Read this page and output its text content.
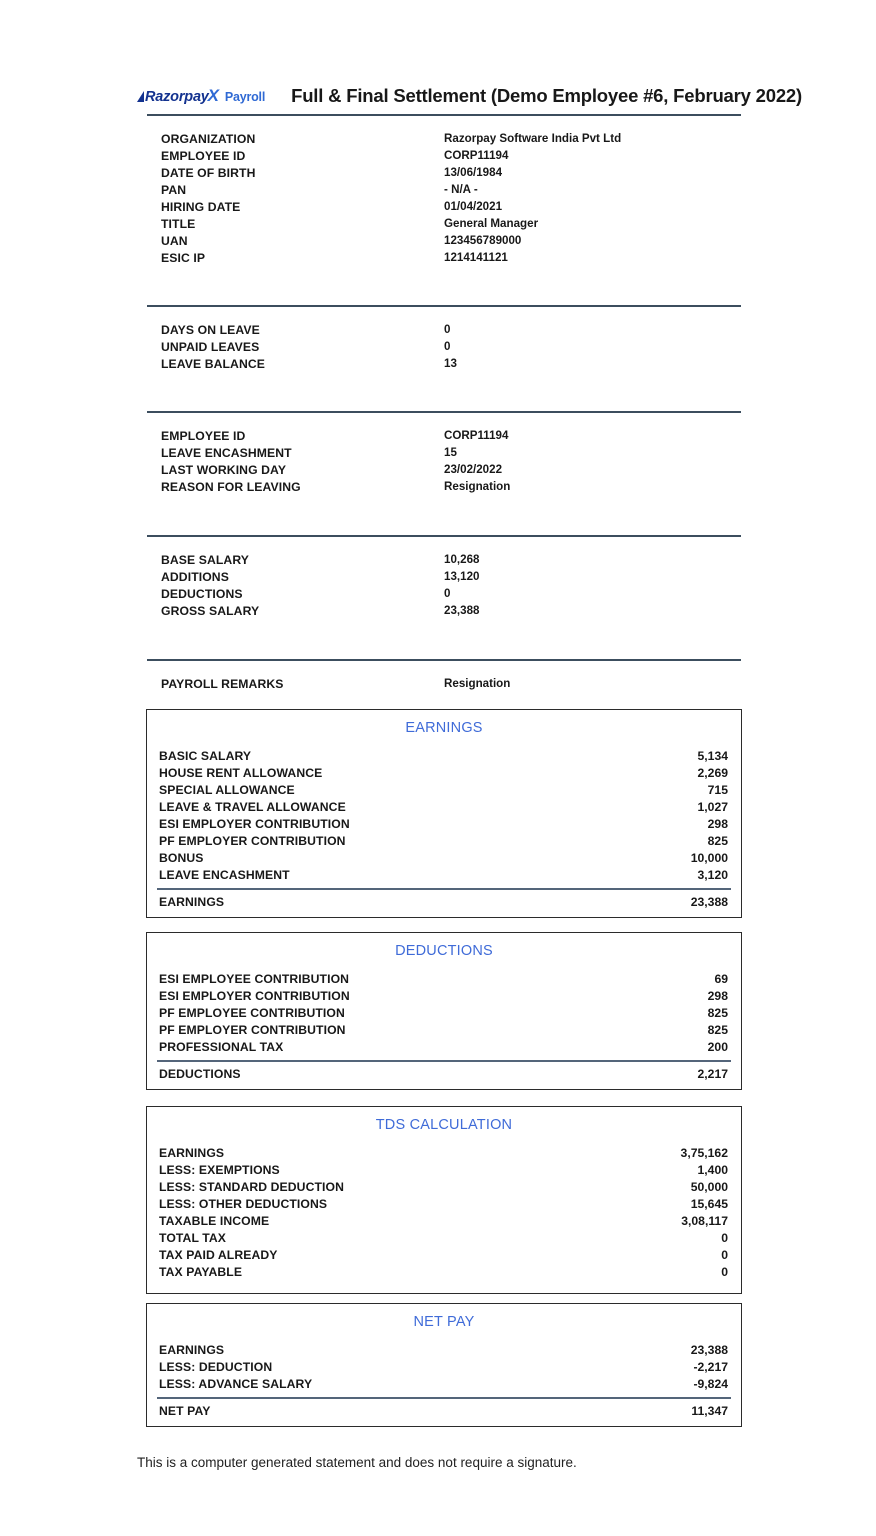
Razorpay X Payroll Full & Final Settlement (Demo Employee #6, February 2022)
ORGANIZATION	Razorpay Software India Pvt Ltd
EMPLOYEE ID	CORP11194
DATE OF BIRTH	13/06/1984
PAN	- N/A -
HIRING DATE	01/04/2021
TITLE	General Manager
UAN	123456789000
ESIC IP	1214141121
DAYS ON LEAVE	0
UNPAID LEAVES	0
LEAVE BALANCE	13
EMPLOYEE ID	CORP11194
LEAVE ENCASHMENT	15
LAST WORKING DAY	23/02/2022
REASON FOR LEAVING	Resignation
BASE SALARY	10,268
ADDITIONS	13,120
DEDUCTIONS	0
GROSS SALARY	23,388
PAYROLL REMARKS	Resignation
EARNINGS
BASIC SALARY	5,134
HOUSE RENT ALLOWANCE	2,269
SPECIAL ALLOWANCE	715
LEAVE & TRAVEL ALLOWANCE	1,027
ESI EMPLOYER CONTRIBUTION	298
PF EMPLOYER CONTRIBUTION	825
BONUS	10,000
LEAVE ENCASHMENT	3,120
EARNINGS	23,388
DEDUCTIONS
ESI EMPLOYEE CONTRIBUTION	69
ESI EMPLOYER CONTRIBUTION	298
PF EMPLOYEE CONTRIBUTION	825
PF EMPLOYER CONTRIBUTION	825
PROFESSIONAL TAX	200
DEDUCTIONS	2,217
TDS CALCULATION
EARNINGS	3,75,162
LESS: EXEMPTIONS	1,400
LESS: STANDARD DEDUCTION	50,000
LESS: OTHER DEDUCTIONS	15,645
TAXABLE INCOME	3,08,117
TOTAL TAX	0
TAX PAID ALREADY	0
TAX PAYABLE	0
NET PAY
EARNINGS	23,388
LESS: DEDUCTION	-2,217
LESS: ADVANCE SALARY	-9,824
NET PAY	11,347
This is a computer generated statement and does not require a signature.
